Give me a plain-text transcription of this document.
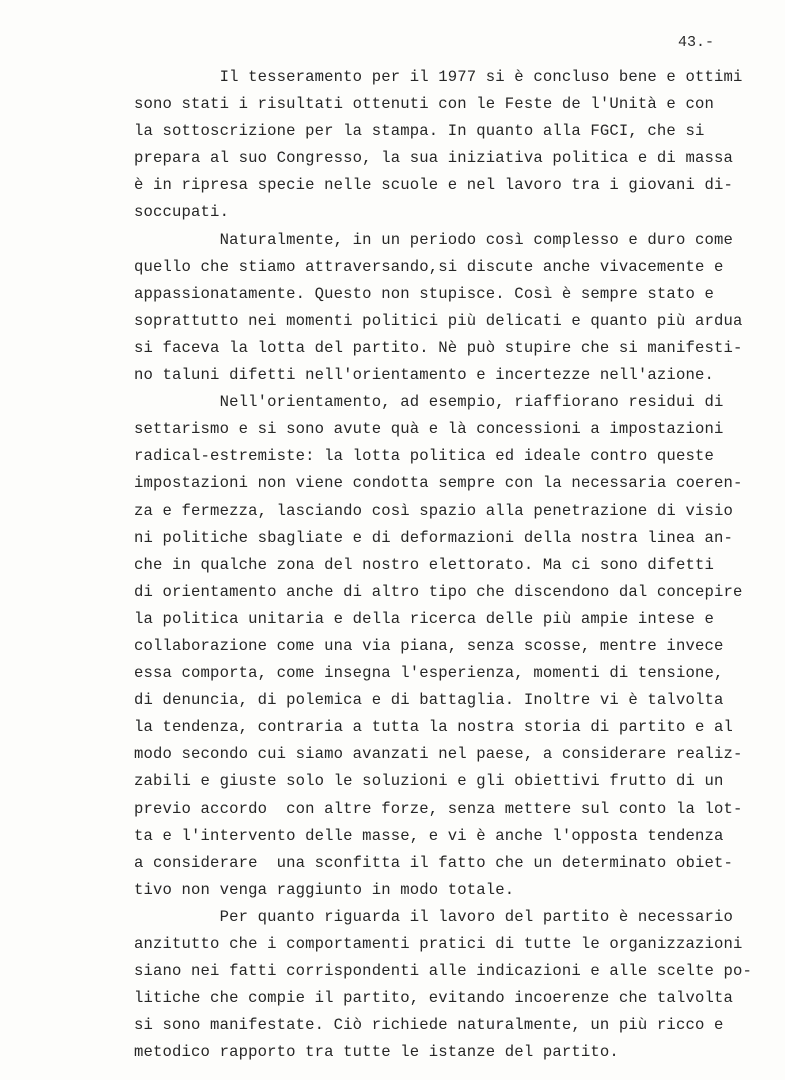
43.-
Il tesseramento per il 1977 si è concluso bene e ottimi
sono stati i risultati ottenuti con le Feste de l'Unità e con
la sottoscrizione per la stampa. In quanto alla FGCI, che si
prepara al suo Congresso, la sua iniziativa politica e di massa
è in ripresa specie nelle scuole e nel lavoro tra i giovani di-
soccupati.
Naturalmente, in un periodo così complesso e duro come
quello che stiamo attraversando,si discute anche vivacemente e
appassionatamente. Questo non stupisce. Così è sempre stato e
soprattutto nei momenti politici più delicati e quanto più ardua
si faceva la lotta del partito. Nè può stupire che si manifesti-
no taluni difetti nell'orientamento e incertezze nell'azione.
Nell'orientamento, ad esempio, riaffiorano residui di
settarismo e si sono avute quà e là concessioni a impostazioni
radical-estremiste: la lotta politica ed ideale contro queste
impostazioni non viene condotta sempre con la necessaria coeren-
za e fermezza, lasciando così spazio alla penetrazione di visio
ni politiche sbagliate e di deformazioni della nostra linea an-
che in qualche zona del nostro elettorato. Ma ci sono difetti
di orientamento anche di altro tipo che discendono dal concepire
la politica unitaria e della ricerca delle più ampie intese e
collaborazione come una via piana, senza scosse, mentre invece
essa comporta, come insegna l'esperienza, momenti di tensione,
di denuncia, di polemica e di battaglia. Inoltre vi è talvolta
la tendenza, contraria a tutta la nostra storia di partito e al
modo secondo cui siamo avanzati nel paese, a considerare realiz-
zabili e giuste solo le soluzioni e gli obiettivi frutto di un
previo accordo  con altre forze, senza mettere sul conto la lot-
ta e l'intervento delle masse, e vi è anche l'opposta tendenza
a considerare  una sconfitta il fatto che un determinato obiet-
tivo non venga raggiunto in modo totale.
Per quanto riguarda il lavoro del partito è necessario
anzitutto che i comportamenti pratici di tutte le organizzazioni
siano nei fatti corrispondenti alle indicazioni e alle scelte po-
litiche che compie il partito, evitando incoerenze che talvolta
si sono manifestate. Ciò richiede naturalmente, un più ricco e
metodico rapporto tra tutte le istanze del partito.
